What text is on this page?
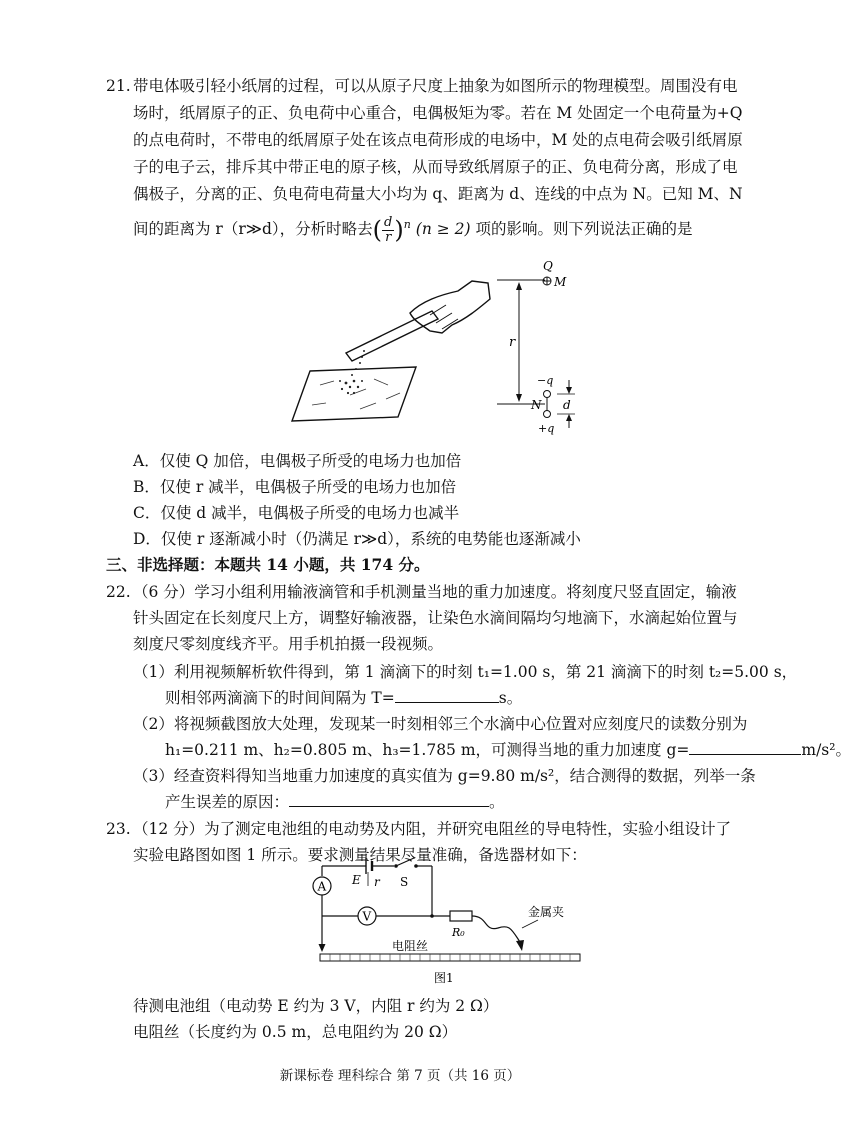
21. 带电体吸引轻小纸屑的过程，可以从原子尺度上抽象为如图所示的物理模型。周围没有电
场时，纸屑原子的正、负电荷中心重合，电偶极矩为零。若在 M 处固定一个电荷量为+Q
的点电荷时，不带电的纸屑原子处在该点电荷形成的电场中，M 处的点电荷会吸引纸屑原
子的电子云，排斥其中带正电的原子核，从而导致纸屑原子的正、负电荷分离，形成了电
偶极子，分离的正、负电荷电荷量大小均为 q、距离为 d、连线的中点为 N。已知 M、N
间的距离为 r（r≫d），分析时略去( $\frac{d}{r} )^n$ (n ≥ 2) 项的影响。则下列说法正确的是
r
Q
M
−q
N
+q
d
A．仅使 Q 加倍，电偶极子所受的电场力也加倍
B．仅使 r 减半，电偶极子所受的电场力也加倍
C．仅使 d 减半，电偶极子所受的电场力也减半
D．仅使 r 逐渐减小时（仍满足 r≫d），系统的电势能也逐渐减小
三、非选择题：本题共 14 小题，共 174 分。
22. （6 分）学习小组利用输液滴管和手机测量当地的重力加速度。将刻度尺竖直固定，输液
针头固定在长刻度尺上方，调整好输液器，让染色水滴间隔均匀地滴下，水滴起始位置与
刻度尺零刻度线齐平。用手机拍摄一段视频。
（1）利用视频解析软件得到，第 1 滴滴下的时刻 t₁=1.00 s，第 21 滴滴下的时刻 t₂=5.00 s，
则相邻两滴滴下的时间间隔为 T=	s。
（2）将视频截图放大处理，发现某一时刻相邻三个水滴中心位置对应刻度尺的读数分别为
h₁=0.211 m、h₂=0.805 m、h₃=1.785 m，可测得当地的重力加速度 g=	m/s²。
（3）经查资料得知当地重力加速度的真实值为 g=9.80 m/s²，结合测得的数据，列举一条
产生误差的原因：	。
23. （12 分）为了测定电池组的电动势及内阻，并研究电阻丝的导电特性，实验小组设计了
实验电路图如图 1 所示。要求测量结果尽量准确，备选器材如下：
E r S
A
V
R₀
金属夹
电阻丝
图1
待测电池组（电动势 E 约为 3 V，内阻 r 约为 2 Ω）
电阻丝（长度约为 0.5 m，总电阻约为 20 Ω）
新课标卷 理科综合 第 7 页（共 16 页）
